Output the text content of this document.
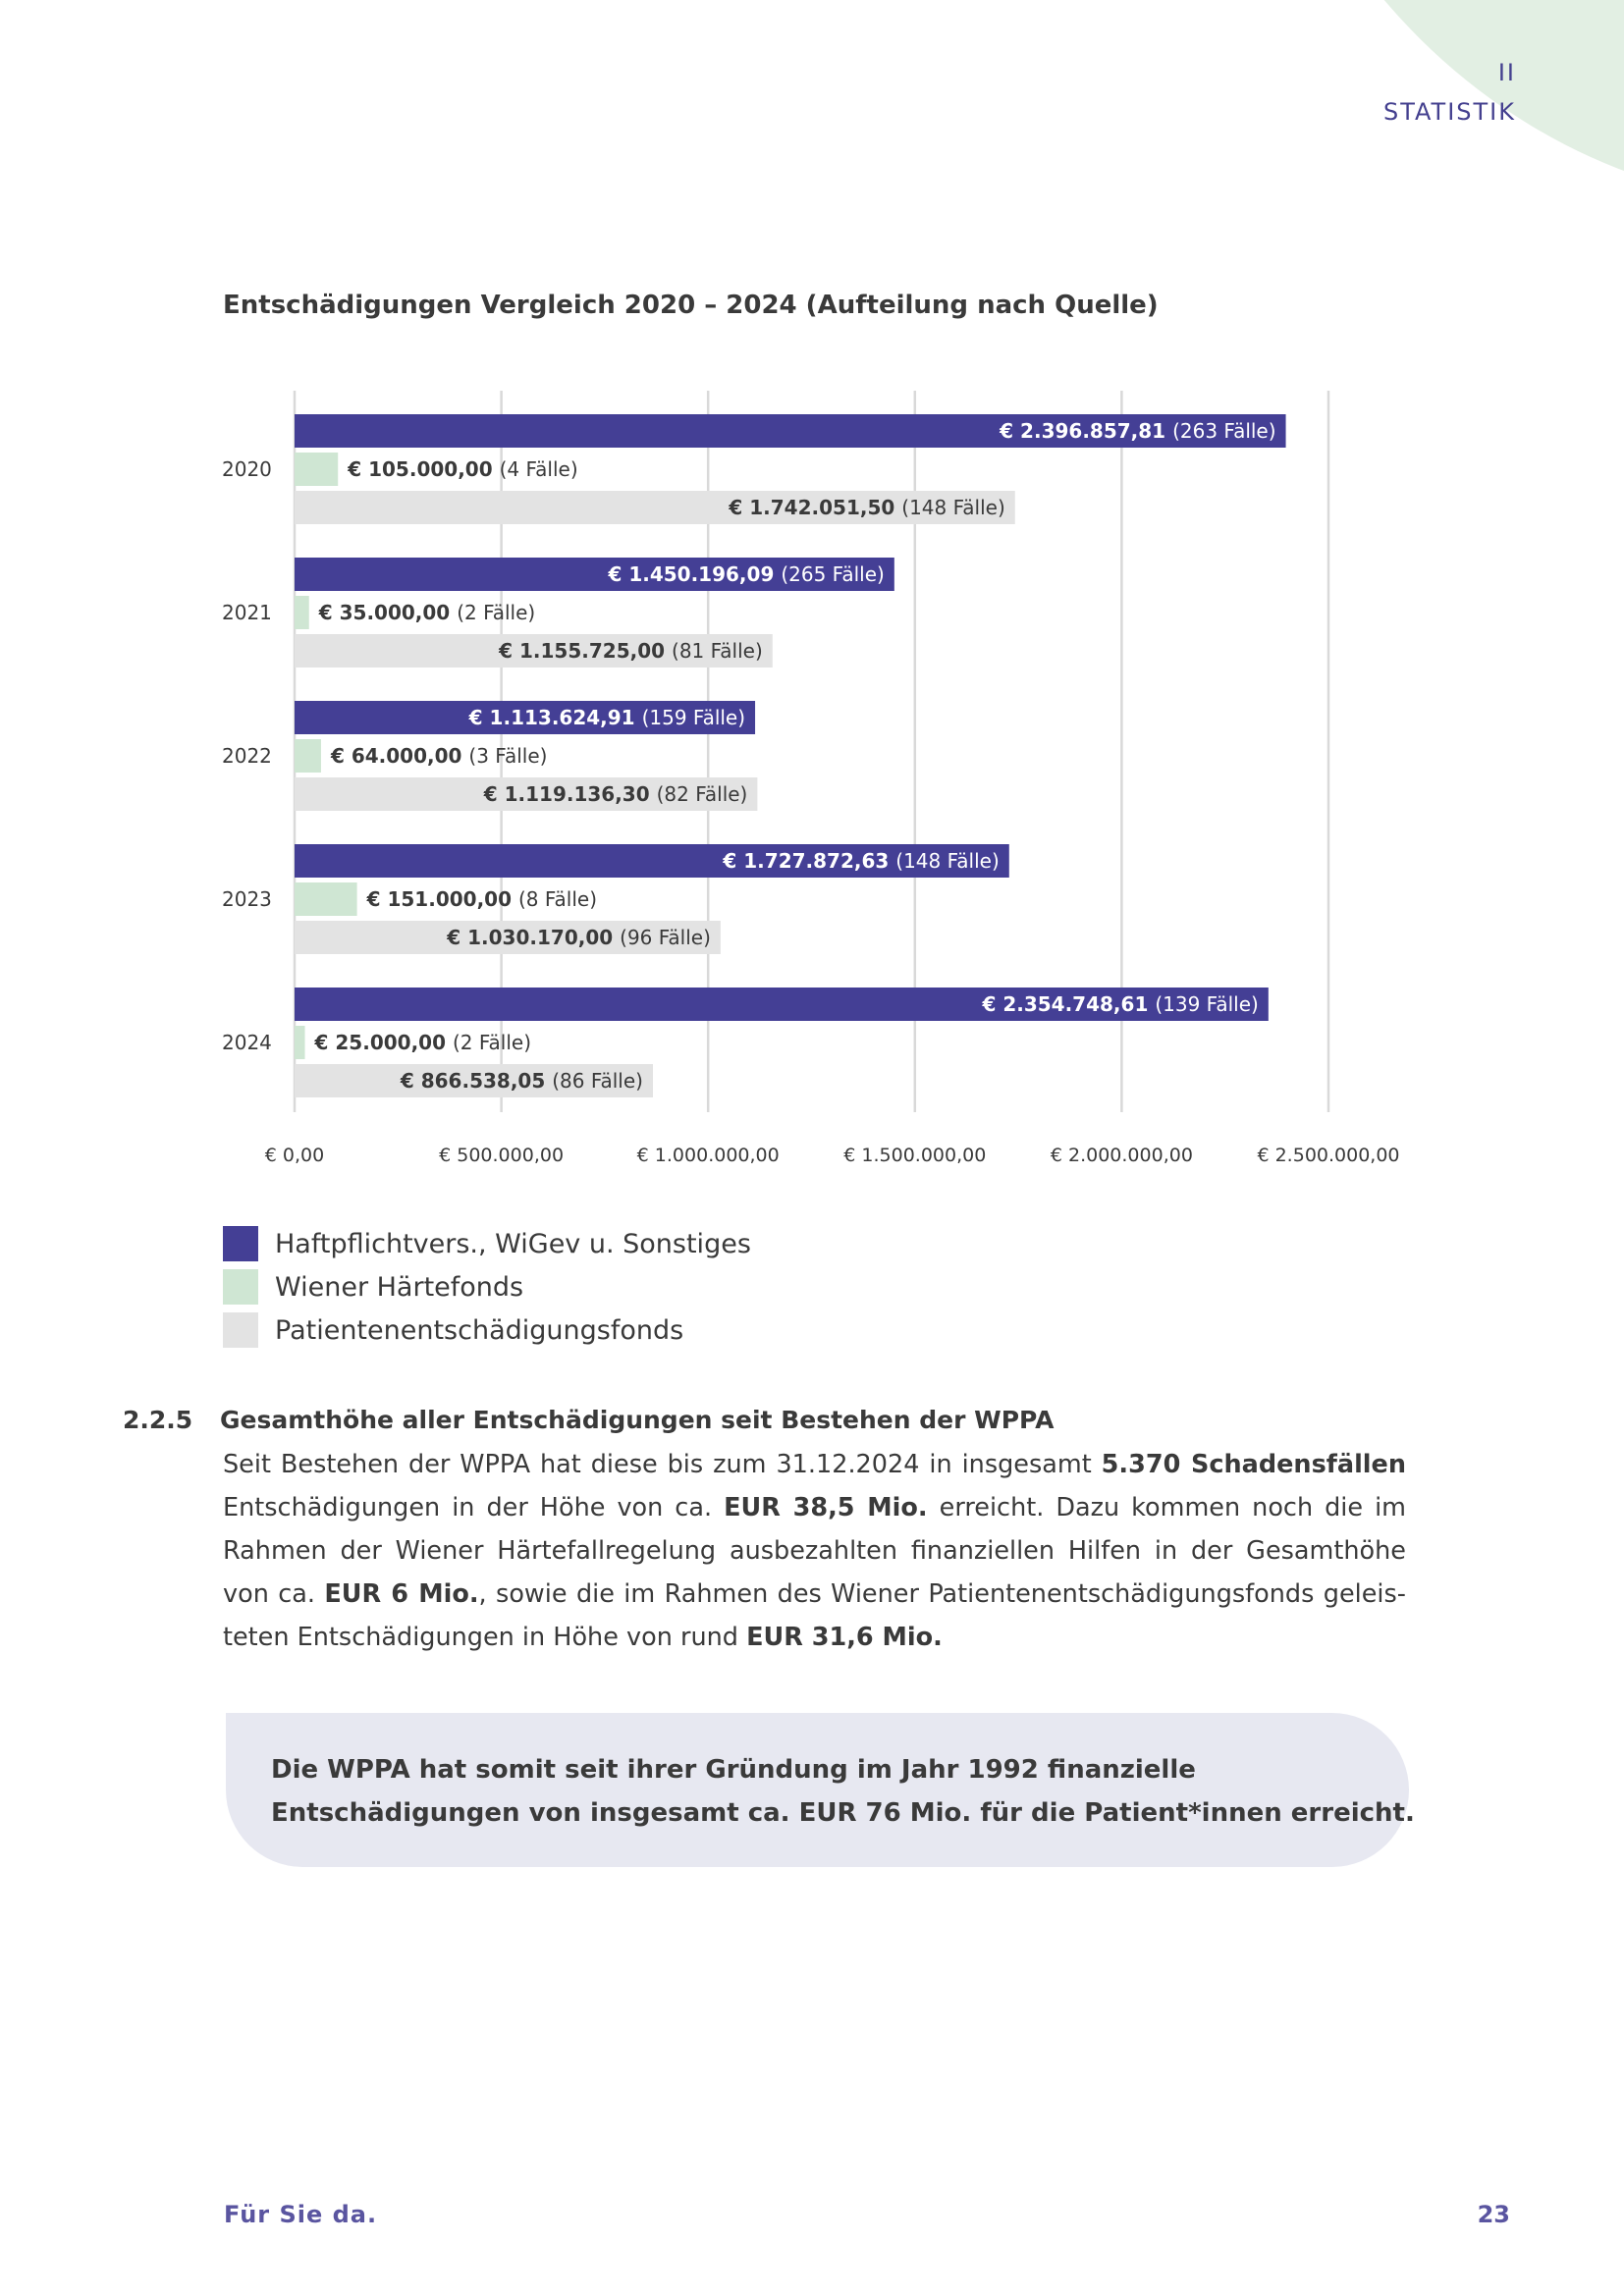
II
STATISTIK
Entschädigungen Vergleich 2020 – 2024 (Aufteilung nach Quelle)
€ 0,00	€ 500.000,00	€ 1.000.000,00	€ 1.500.000,00	€ 2.000.000,00	€ 2.500.000,00
2020
€ 2.396.857,81 (263 Fälle)
€ 105.000,00 (4 Fälle)
€ 1.742.051,50 (148 Fälle)
2021
€ 1.450.196,09 (265 Fälle)
€ 35.000,00 (2 Fälle)
€ 1.155.725,00 (81 Fälle)
2022
€ 1.113.624,91 (159 Fälle)
€ 64.000,00 (3 Fälle)
€ 1.119.136,30 (82 Fälle)
2023
€ 1.727.872,63 (148 Fälle)
€ 151.000,00 (8 Fälle)
€ 1.030.170,00 (96 Fälle)
2024
€ 2.354.748,61 (139 Fälle)
€ 25.000,00 (2 Fälle)
€ 866.538,05 (86 Fälle)
Haftpflichtvers., WiGev u. Sonstiges
Wiener Härtefonds
Patientenentschädigungsfonds
2.2.5 Gesamthöhe aller Entschädigungen seit Bestehen der WPPA
Seit Bestehen der WPPA hat diese bis zum 31.12.2024 in insgesamt 5.370 Schadensfällen Entschädigungen in der Höhe von ca. EUR 38,5 Mio. erreicht. Dazu kommen noch die im Rahmen der Wiener Härtefallregelung ausbezahlten finanziellen Hilfen in der Gesamthöhe von ca. EUR 6 Mio., sowie die im Rahmen des Wiener Patientenentschädigungsfonds geleisteten Entschädigungen in Höhe von rund EUR 31,6 Mio.
Die WPPA hat somit seit ihrer Gründung im Jahr 1992 finanzielle
Entschädigungen von insgesamt ca. EUR 76 Mio. für die Patient*innen erreicht.
Für Sie da.	23
